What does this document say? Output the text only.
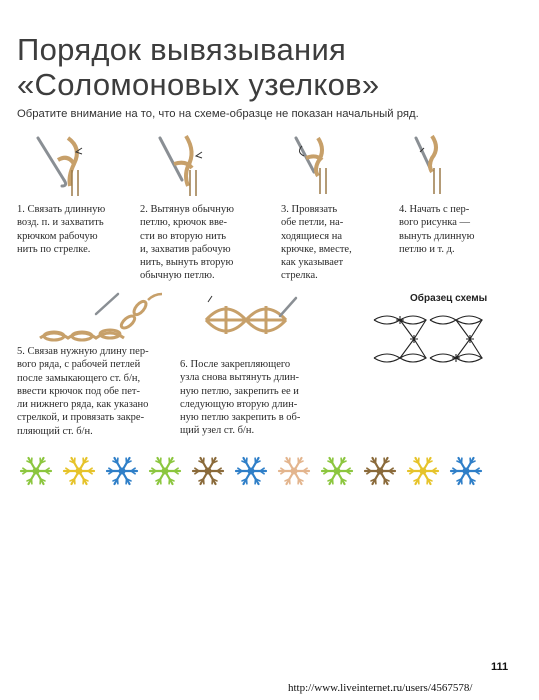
Порядок вывязывания
«Соломоновых узелков»
Обратите внимание на то, что на схеме-образце не показан начальный ряд.
1. Связать длинную
возд. п. и захватить
крючком рабочую
нить по стрелке.
2. Вытянув обычную
петлю, крючок вве-
сти во вторую нить
и, захватив рабочую
нить, вынуть вторую
обычную петлю.
3. Провязать
обе петли, на-
ходящиеся на
крючке, вместе,
как указывает
стрелка.
4. Начать с пер-
вого рисунка —
вынуть длинную
петлю и т. д.
Образец схемы
5. Связав нужную длину пер-
вого ряда, с рабочей петлей
после замыкающего ст. б/н,
ввести крючок под обе пет-
ли нижнего ряда, как указано
стрелкой, и провязать закре-
пляющий ст. б/н.
6. После закрепляющего
узла снова вытянуть длин-
ную петлю, закрепить ее и
следующую вторую длин-
ную петлю закрепить в об-
щий узел ст. б/н.
111
http://www.liveinternet.ru/users/4567578/
